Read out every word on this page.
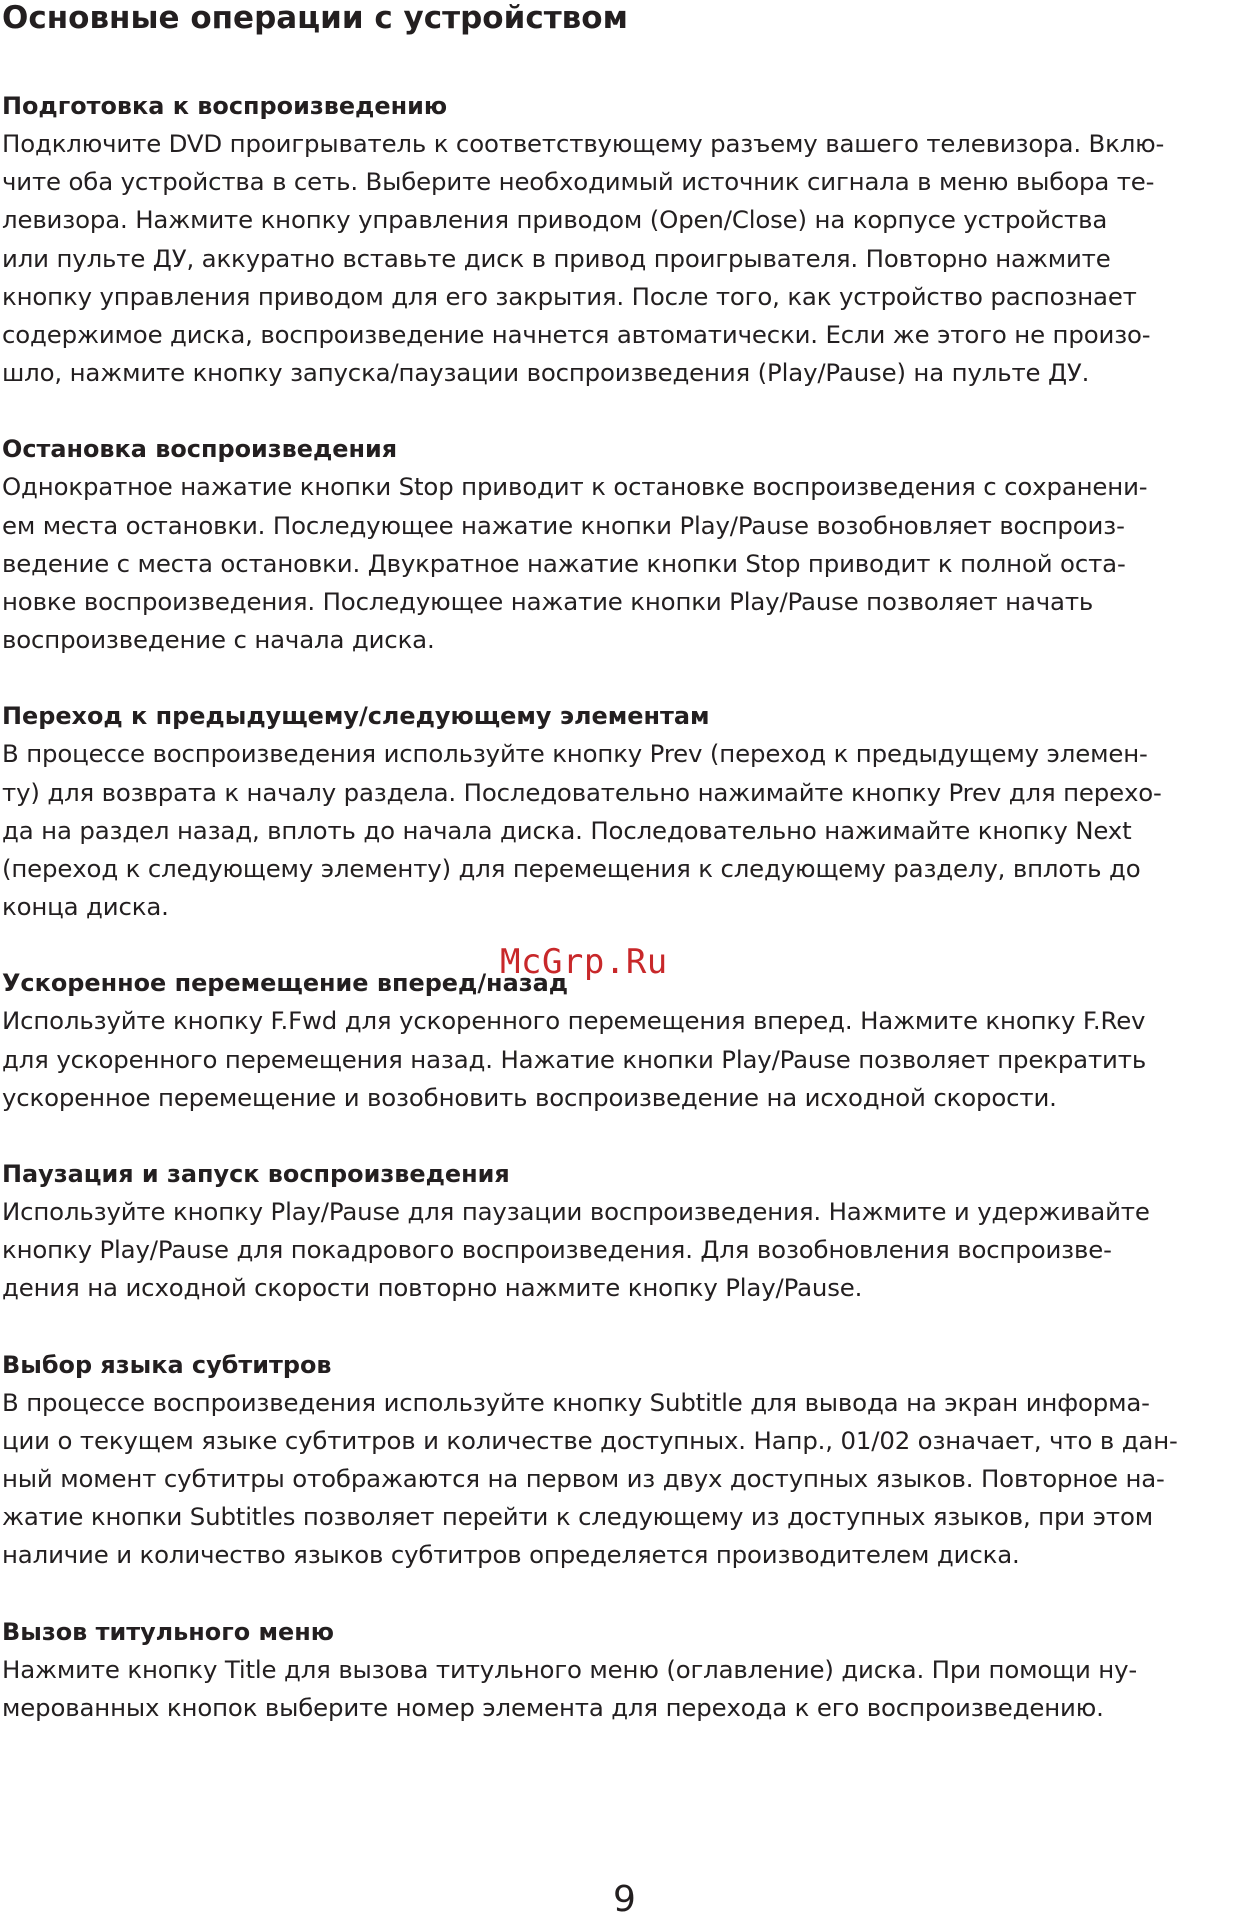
Основные операции с устройством
Подготовка к воспроизведению

Подключите DVD проигрыватель к соответствующему разъему вашего телевизора. Вклю-
чите оба устройства в сеть. Выберите необходимый источник сигнала в меню выбора те-
левизора. Нажмите кнопку управления приводом (Open/Close) на корпусе устройства
или пульте ДУ, аккуратно вставьте диск в привод проигрывателя. Повторно нажмите
кнопку управления приводом для его закрытия. После того, как устройство распознает
содержимое диска, воспроизведение начнется автоматически. Если же этого не произо-
шло, нажмите кнопку запуска/паузации воспроизведения (Play/Pause) на пульте ДУ.

Остановка воспроизведения

Однократное нажатие кнопки Stop приводит к остановке воспроизведения с сохранени-
ем места остановки. Последующее нажатие кнопки Play/Pause возобновляет воспроиз-
ведение с места остановки. Двукратное нажатие кнопки Stop приводит к полной оста-
новке воспроизведения. Последующее нажатие кнопки Play/Pause позволяет начать
воспроизведение с начала диска.

Переход к предыдущему/следующему элементам

В процессе воспроизведения используйте кнопку Prev (переход к предыдущему элемен-
ту) для возврата к началу раздела. Последовательно нажимайте кнопку Prev для перехо-
да на раздел назад, вплоть до начала диска. Последовательно нажимайте кнопку Next
(переход к следующему элементу) для перемещения к следующему разделу, вплоть до
конца диска.

Ускоренное перемещение вперед/назад

Используйте кнопку F.Fwd для ускоренного перемещения вперед. Нажмите кнопку F.Rev
для ускоренного перемещения назад. Нажатие кнопки Play/Pause позволяет прекратить
ускоренное перемещение и возобновить воспроизведение на исходной скорости.

Паузация и запуск воспроизведения

Используйте кнопку Play/Pause для паузации воспроизведения. Нажмите и удерживайте
кнопку Play/Pause для покадрового воспроизведения. Для возобновления воспроизве-
дения на исходной скорости повторно нажмите кнопку Play/Pause.

Выбор языка субтитров

В процессе воспроизведения используйте кнопку Subtitle для вывода на экран информа-
ции о текущем языке субтитров и количестве доступных. Напр., 01/02 означает, что в дан-
ный момент субтитры отображаются на первом из двух доступных языков. Повторное на-
жатие кнопки Subtitles позволяет перейти к следующему из доступных языков, при этом
наличие и количество языков субтитров определяется производителем диска.

Вызов титульного меню

Нажмите кнопку Title для вызова титульного меню (оглавление) диска. При помощи ну-
мерованных кнопок выберите номер элемента для перехода к его воспроизведению.

McGrp.Ru
9
